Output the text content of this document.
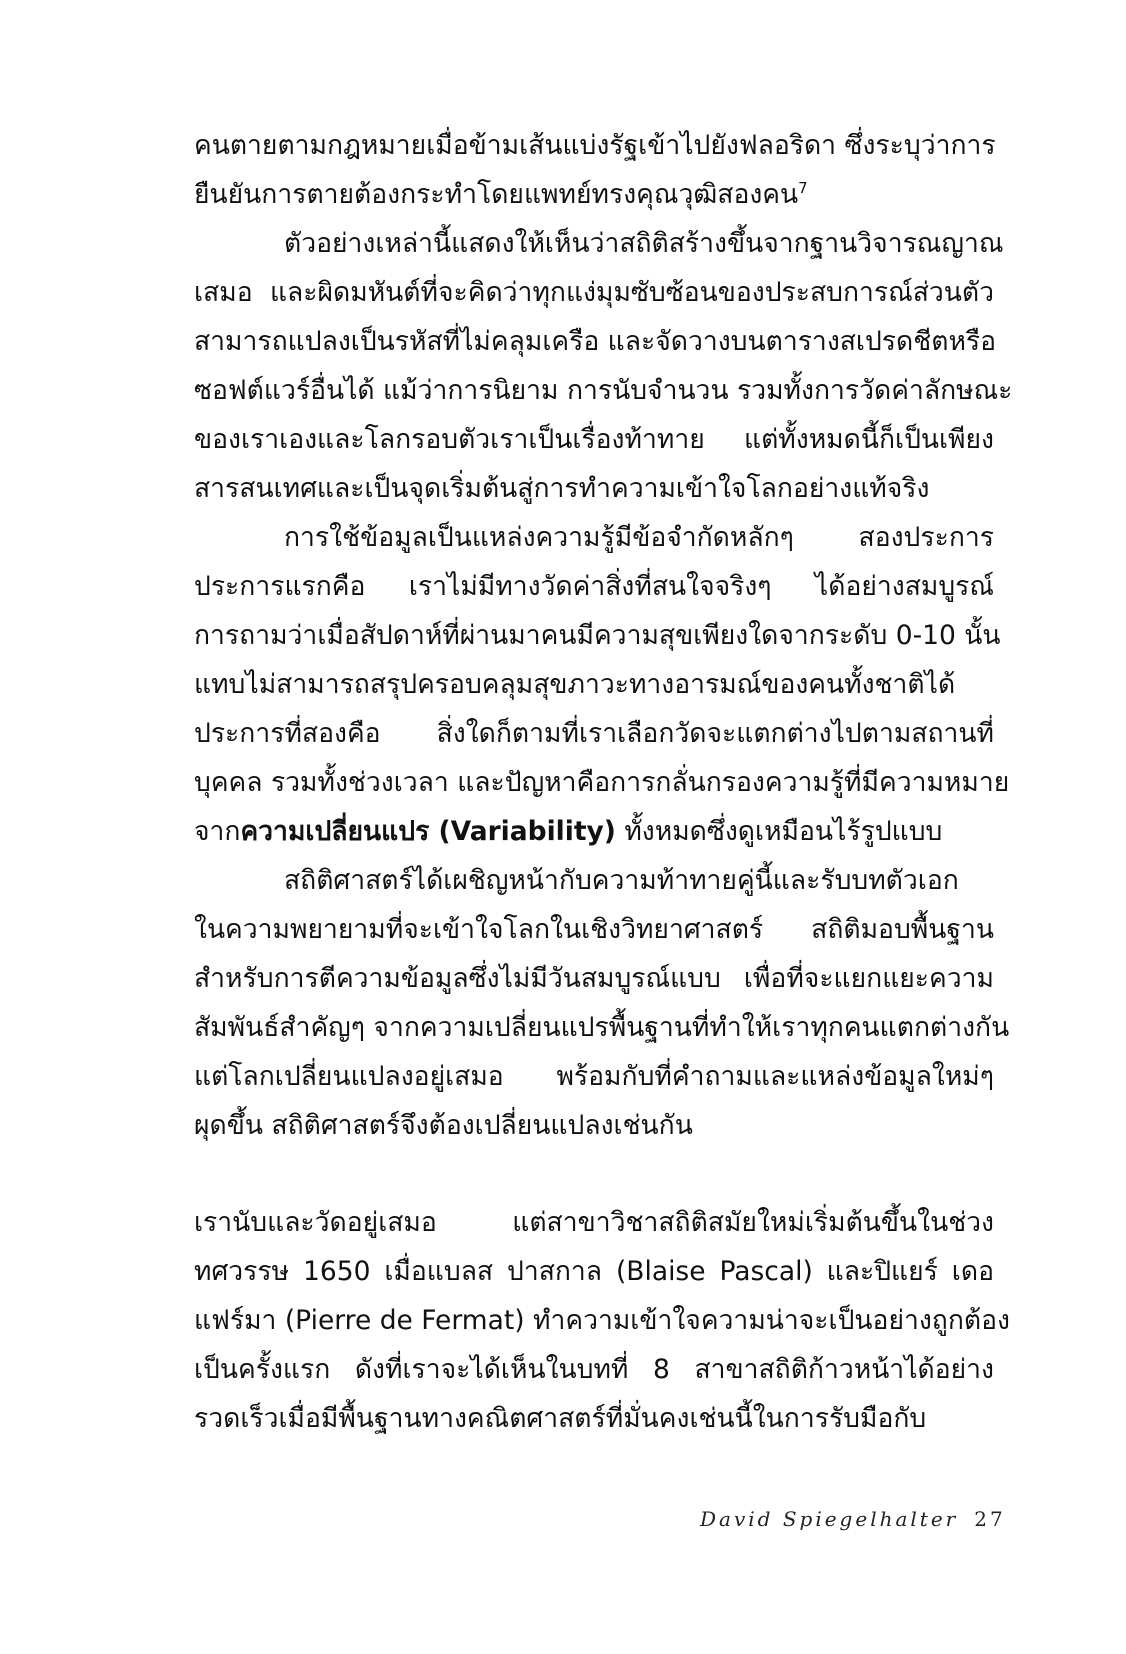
คนตายตามกฎหมายเมื่อข้ามเส้นแบ่งรัฐเข้าไปยังฟลอริดา ซึ่งระบุว่าการ
ยืนยันการตายต้องกระทำโดยแพทย์ทรงคุณวุฒิสองคน$^7$
ตัวอย่างเหล่านี้แสดงให้เห็นว่าสถิติสร้างขึ้นจากฐานวิจารณญาณ
เสมอ และผิดมหันต์ที่จะคิดว่าทุกแง่มุมซับซ้อนของประสบการณ์ส่วนตัว
สามารถแปลงเป็นรหัสที่ไม่คลุมเครือ และจัดวางบนตารางสเปรดชีตหรือ
ซอฟต์แวร์อื่นได้ แม้ว่าการนิยาม การนับจำนวน รวมทั้งการวัดค่าลักษณะ
ของเราเองและโลกรอบตัวเราเป็นเรื่องท้าทาย แต่ทั้งหมดนี้ก็เป็นเพียง
สารสนเทศและเป็นจุดเริ่มต้นสู่การทำความเข้าใจโลกอย่างแท้จริง
การใช้ข้อมูลเป็นแหล่งความรู้มีข้อจำกัดหลักๆ สองประการ
ประการแรกคือ เราไม่มีทางวัดค่าสิ่งที่สนใจจริงๆ ได้อย่างสมบูรณ์
การถามว่าเมื่อสัปดาห์ที่ผ่านมาคนมีความสุขเพียงใดจากระดับ 0-10 นั้น
แทบไม่สามารถสรุปครอบคลุมสุขภาวะทางอารมณ์ของคนทั้งชาติได้
ประการที่สองคือ สิ่งใดก็ตามที่เราเลือกวัดจะแตกต่างไปตามสถานที่
บุคคล รวมทั้งช่วงเวลา และปัญหาคือการกลั่นกรองความรู้ที่มีความหมาย
จากความเปลี่ยนแปร (Variability) ทั้งหมดซึ่งดูเหมือนไร้รูปแบบ
สถิติศาสตร์ได้เผชิญหน้ากับความท้าทายคู่นี้และรับบทตัวเอก
ในความพยายามที่จะเข้าใจโลกในเชิงวิทยาศาสตร์ สถิติมอบพื้นฐาน
สำหรับการตีความข้อมูลซึ่งไม่มีวันสมบูรณ์แบบ เพื่อที่จะแยกแยะความ
สัมพันธ์สำคัญๆ จากความเปลี่ยนแปรพื้นฐานที่ทำให้เราทุกคนแตกต่างกัน
แต่โลกเปลี่ยนแปลงอยู่เสมอ พร้อมกับที่คำถามและแหล่งข้อมูลใหม่ๆ
ผุดขึ้น สถิติศาสตร์จึงต้องเปลี่ยนแปลงเช่นกัน
เรานับและวัดอยู่เสมอ แต่สาขาวิชาสถิติสมัยใหม่เริ่มต้นขึ้นในช่วง
ทศวรรษ 1650 เมื่อแบลส ปาสกาล (Blaise Pascal) และปิแยร์ เดอ
แฟร์มา (Pierre de Fermat) ทำความเข้าใจความน่าจะเป็นอย่างถูกต้อง
เป็นครั้งแรก ดังที่เราจะได้เห็นในบทที่ 8 สาขาสถิติก้าวหน้าได้อย่าง
รวดเร็วเมื่อมีพื้นฐานทางคณิตศาสตร์ที่มั่นคงเช่นนี้ในการรับมือกับ
David Spiegelhalter 27
